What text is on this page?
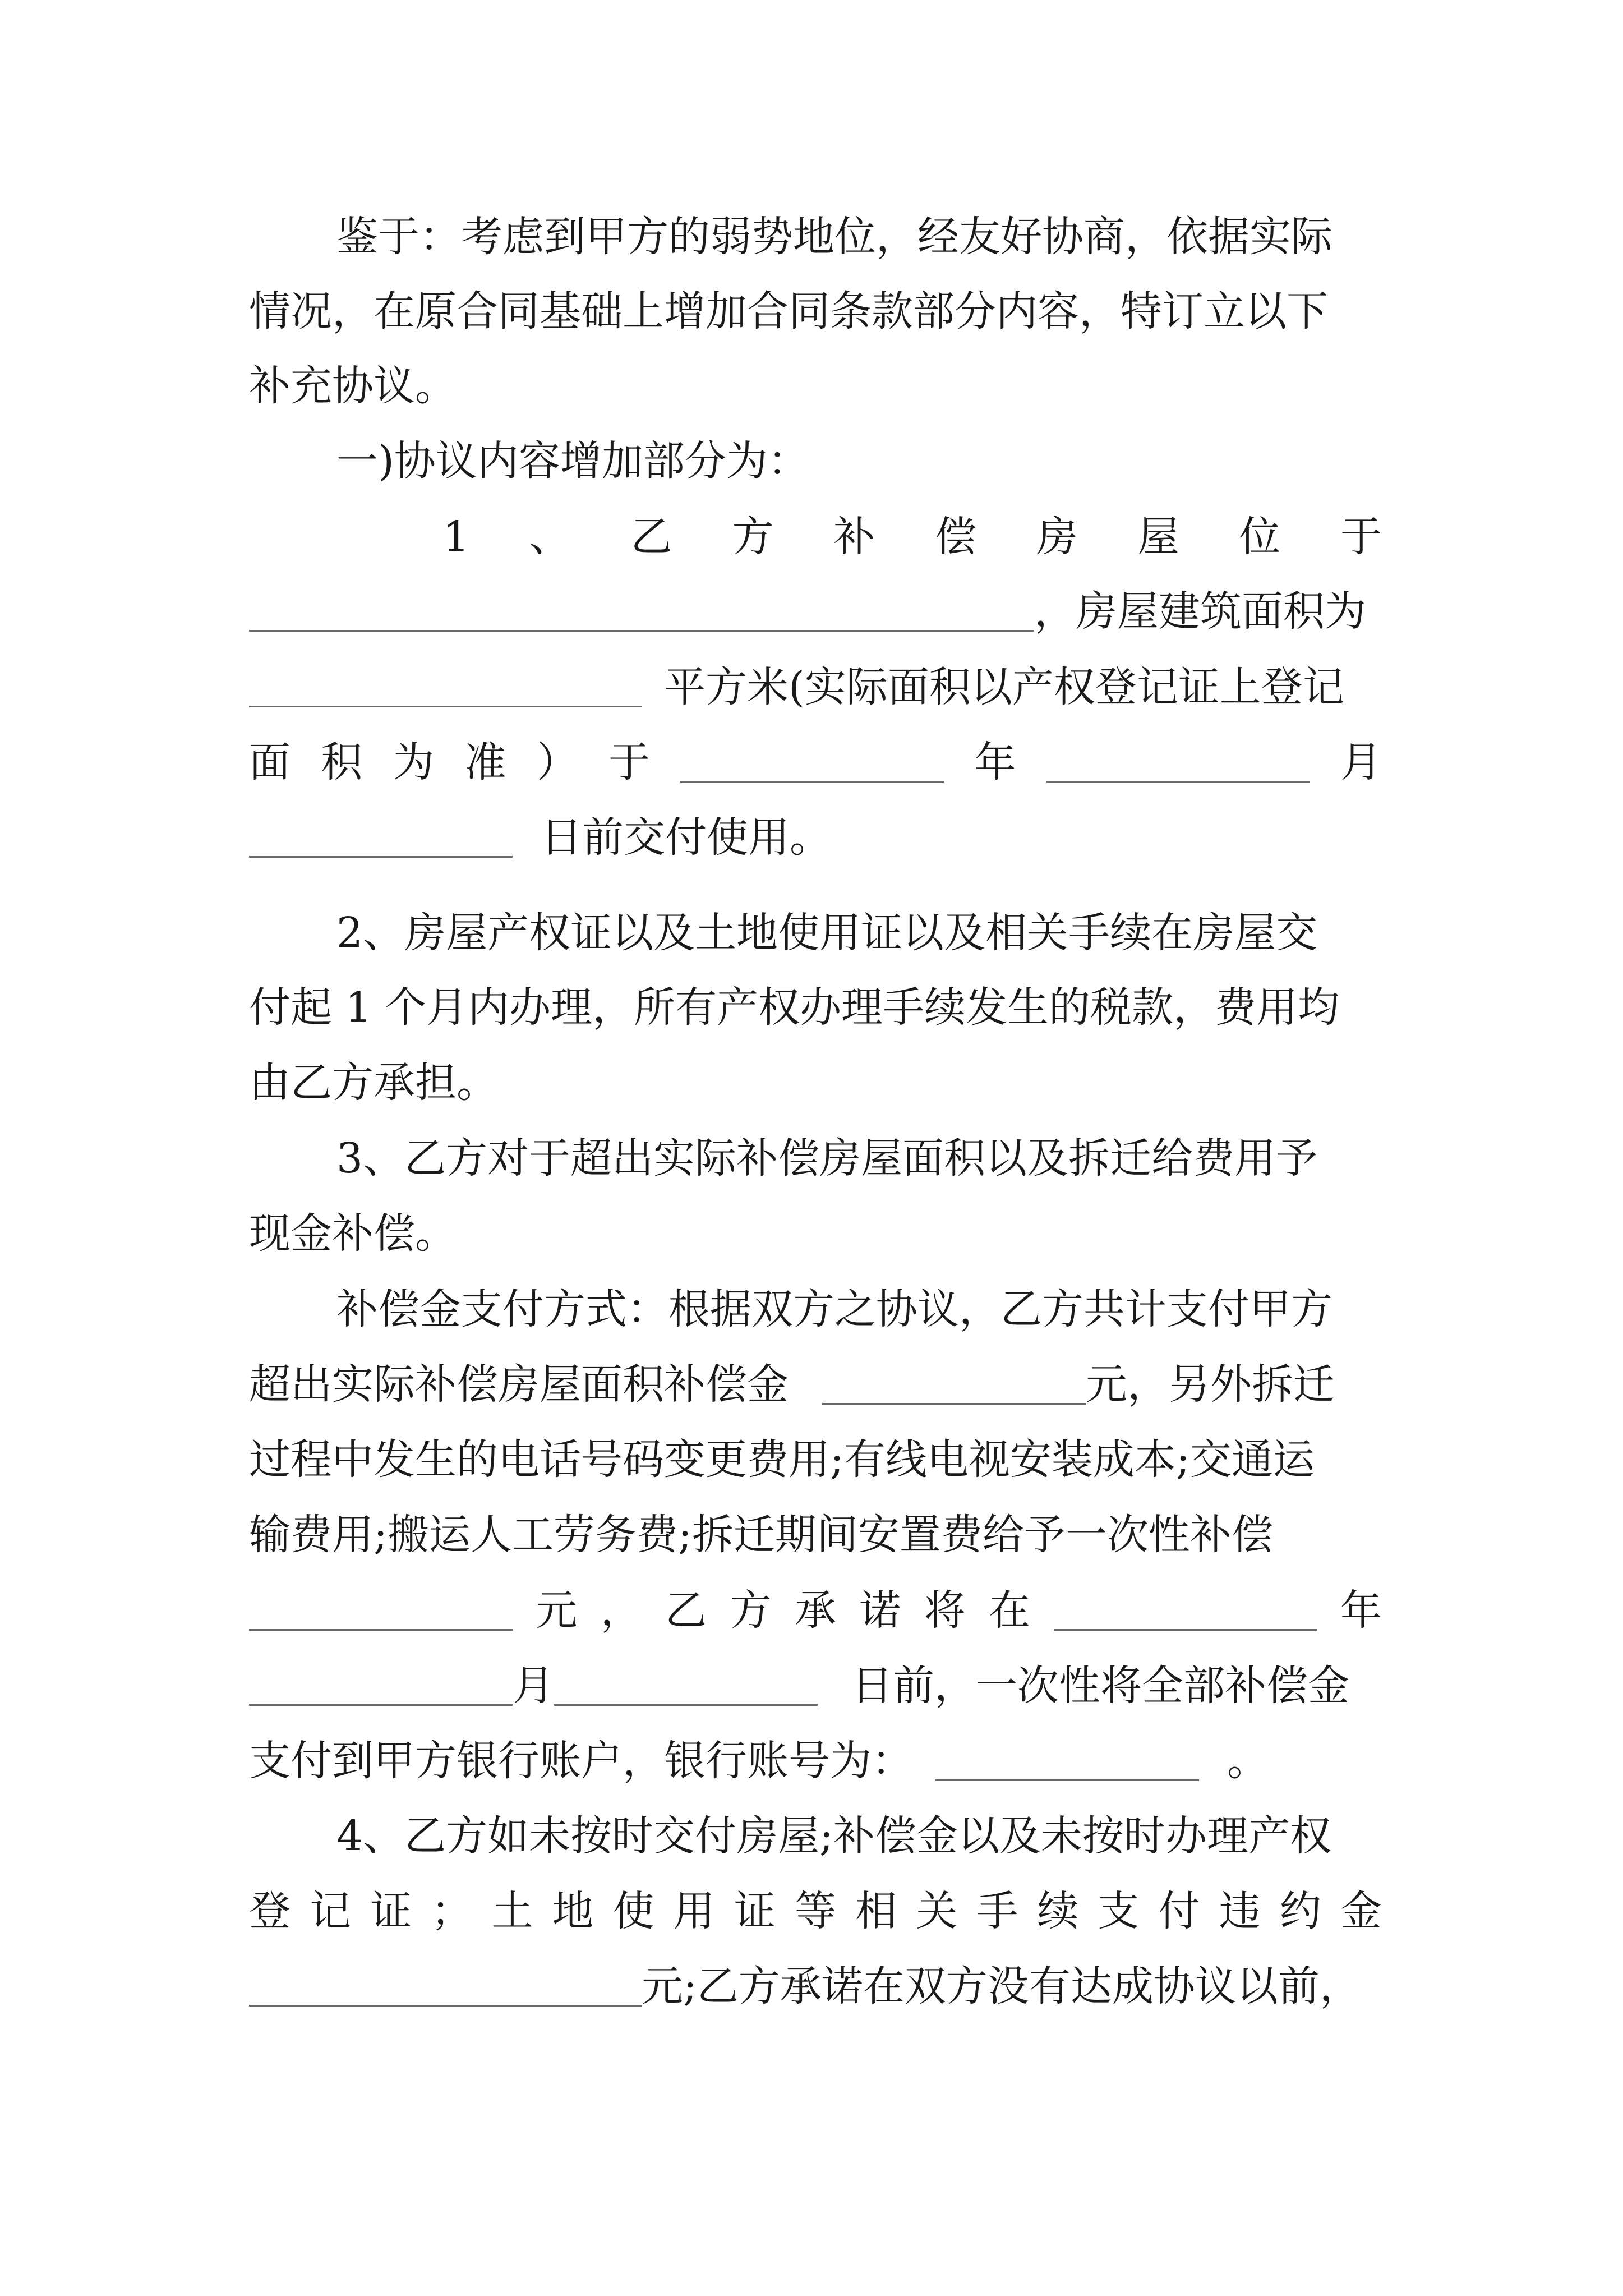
鉴于：考虑到甲方的弱势地位，经友好协商，依据实际
情况，在原合同基础上增加合同条款部分内容，特订立以下
补充协议。
一)协议内容增加部分为：
1 、 乙 方 补 偿 房 屋 位 于
，房屋建筑面积为
平方米(实际面积以产权登记证上登记
面 积 为 准 ） 于	年	月
日前交付使用。
2、房屋产权证以及土地使用证以及相关手续在房屋交
付起 1 个月内办理，所有产权办理手续发生的税款，费用均
由乙方承担。
3、乙方对于超出实际补偿房屋面积以及拆迁给费用予
现金补偿。
补偿金支付方式：根据双方之协议，乙方共计支付甲方
超出实际补偿房屋面积补偿金	元，另外拆迁
过程中发生的电话号码变更费用;有线电视安装成本;交通运
输费用;搬运人工劳务费;拆迁期间安置费给予一次性补偿
元 ， 乙 方 承 诺 将 在	年
月	日前，一次性将全部补偿金
支付到甲方银行账户，银行账号为：	。
4、乙方如未按时交付房屋;补偿金以及未按时办理产权
登 记 证 ； 土 地 使 用 证 等 相 关 手 续 支 付 违 约 金
元;乙方承诺在双方没有达成协议以前，
